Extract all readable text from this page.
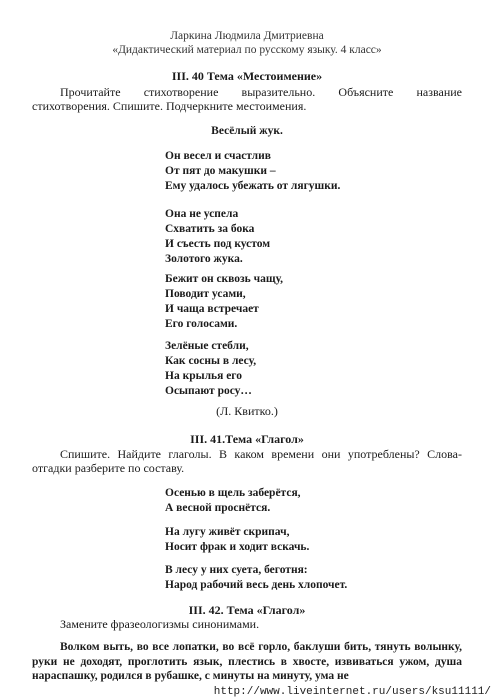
Ларкина Людмила Дмитриевна
«Дидактический материал по русскому языку. 4 класс»
III. 40 Тема «Местоимение»
Прочитайте стихотворение выразительно. Объясните название стихотворения. Спишите. Подчеркните местоимения.
Весёлый жук.
Он весел и счастлив
От пят до макушки –
Ему удалось убежать от лягушки.
Она не успела
Схватить за бока
И съесть под кустом
Золотого жука.
Бежит он сквозь чащу,
Поводит усами,
И чаща встречает
Его голосами.
Зелёные стебли,
Как сосны в лесу,
На крылья его
Осыпают росу…
(Л. Квитко.)
III. 41.Тема «Глагол»
Спишите. Найдите глаголы. В каком времени они употреблены? Слова-отгадки разберите по составу.
Осенью в щель заберётся,
А весной проснётся.
На лугу живёт скрипач,
Носит фрак и ходит вскачь.
В лесу у них суета, беготня:
Народ рабочий весь день хлопочет.
III. 42. Тема «Глагол»
Замените фразеологизмы синонимами.
Волком выть, во все лопатки, во всё горло, баклуши бить, тянуть волынку, руки не доходят, проглотить язык, плестись в хвосте, извиваться ужом, душа нараспашку, родился в рубашке, с минуты на минуту, ума не
http://www.liveinternet.ru/users/ksu11111/
